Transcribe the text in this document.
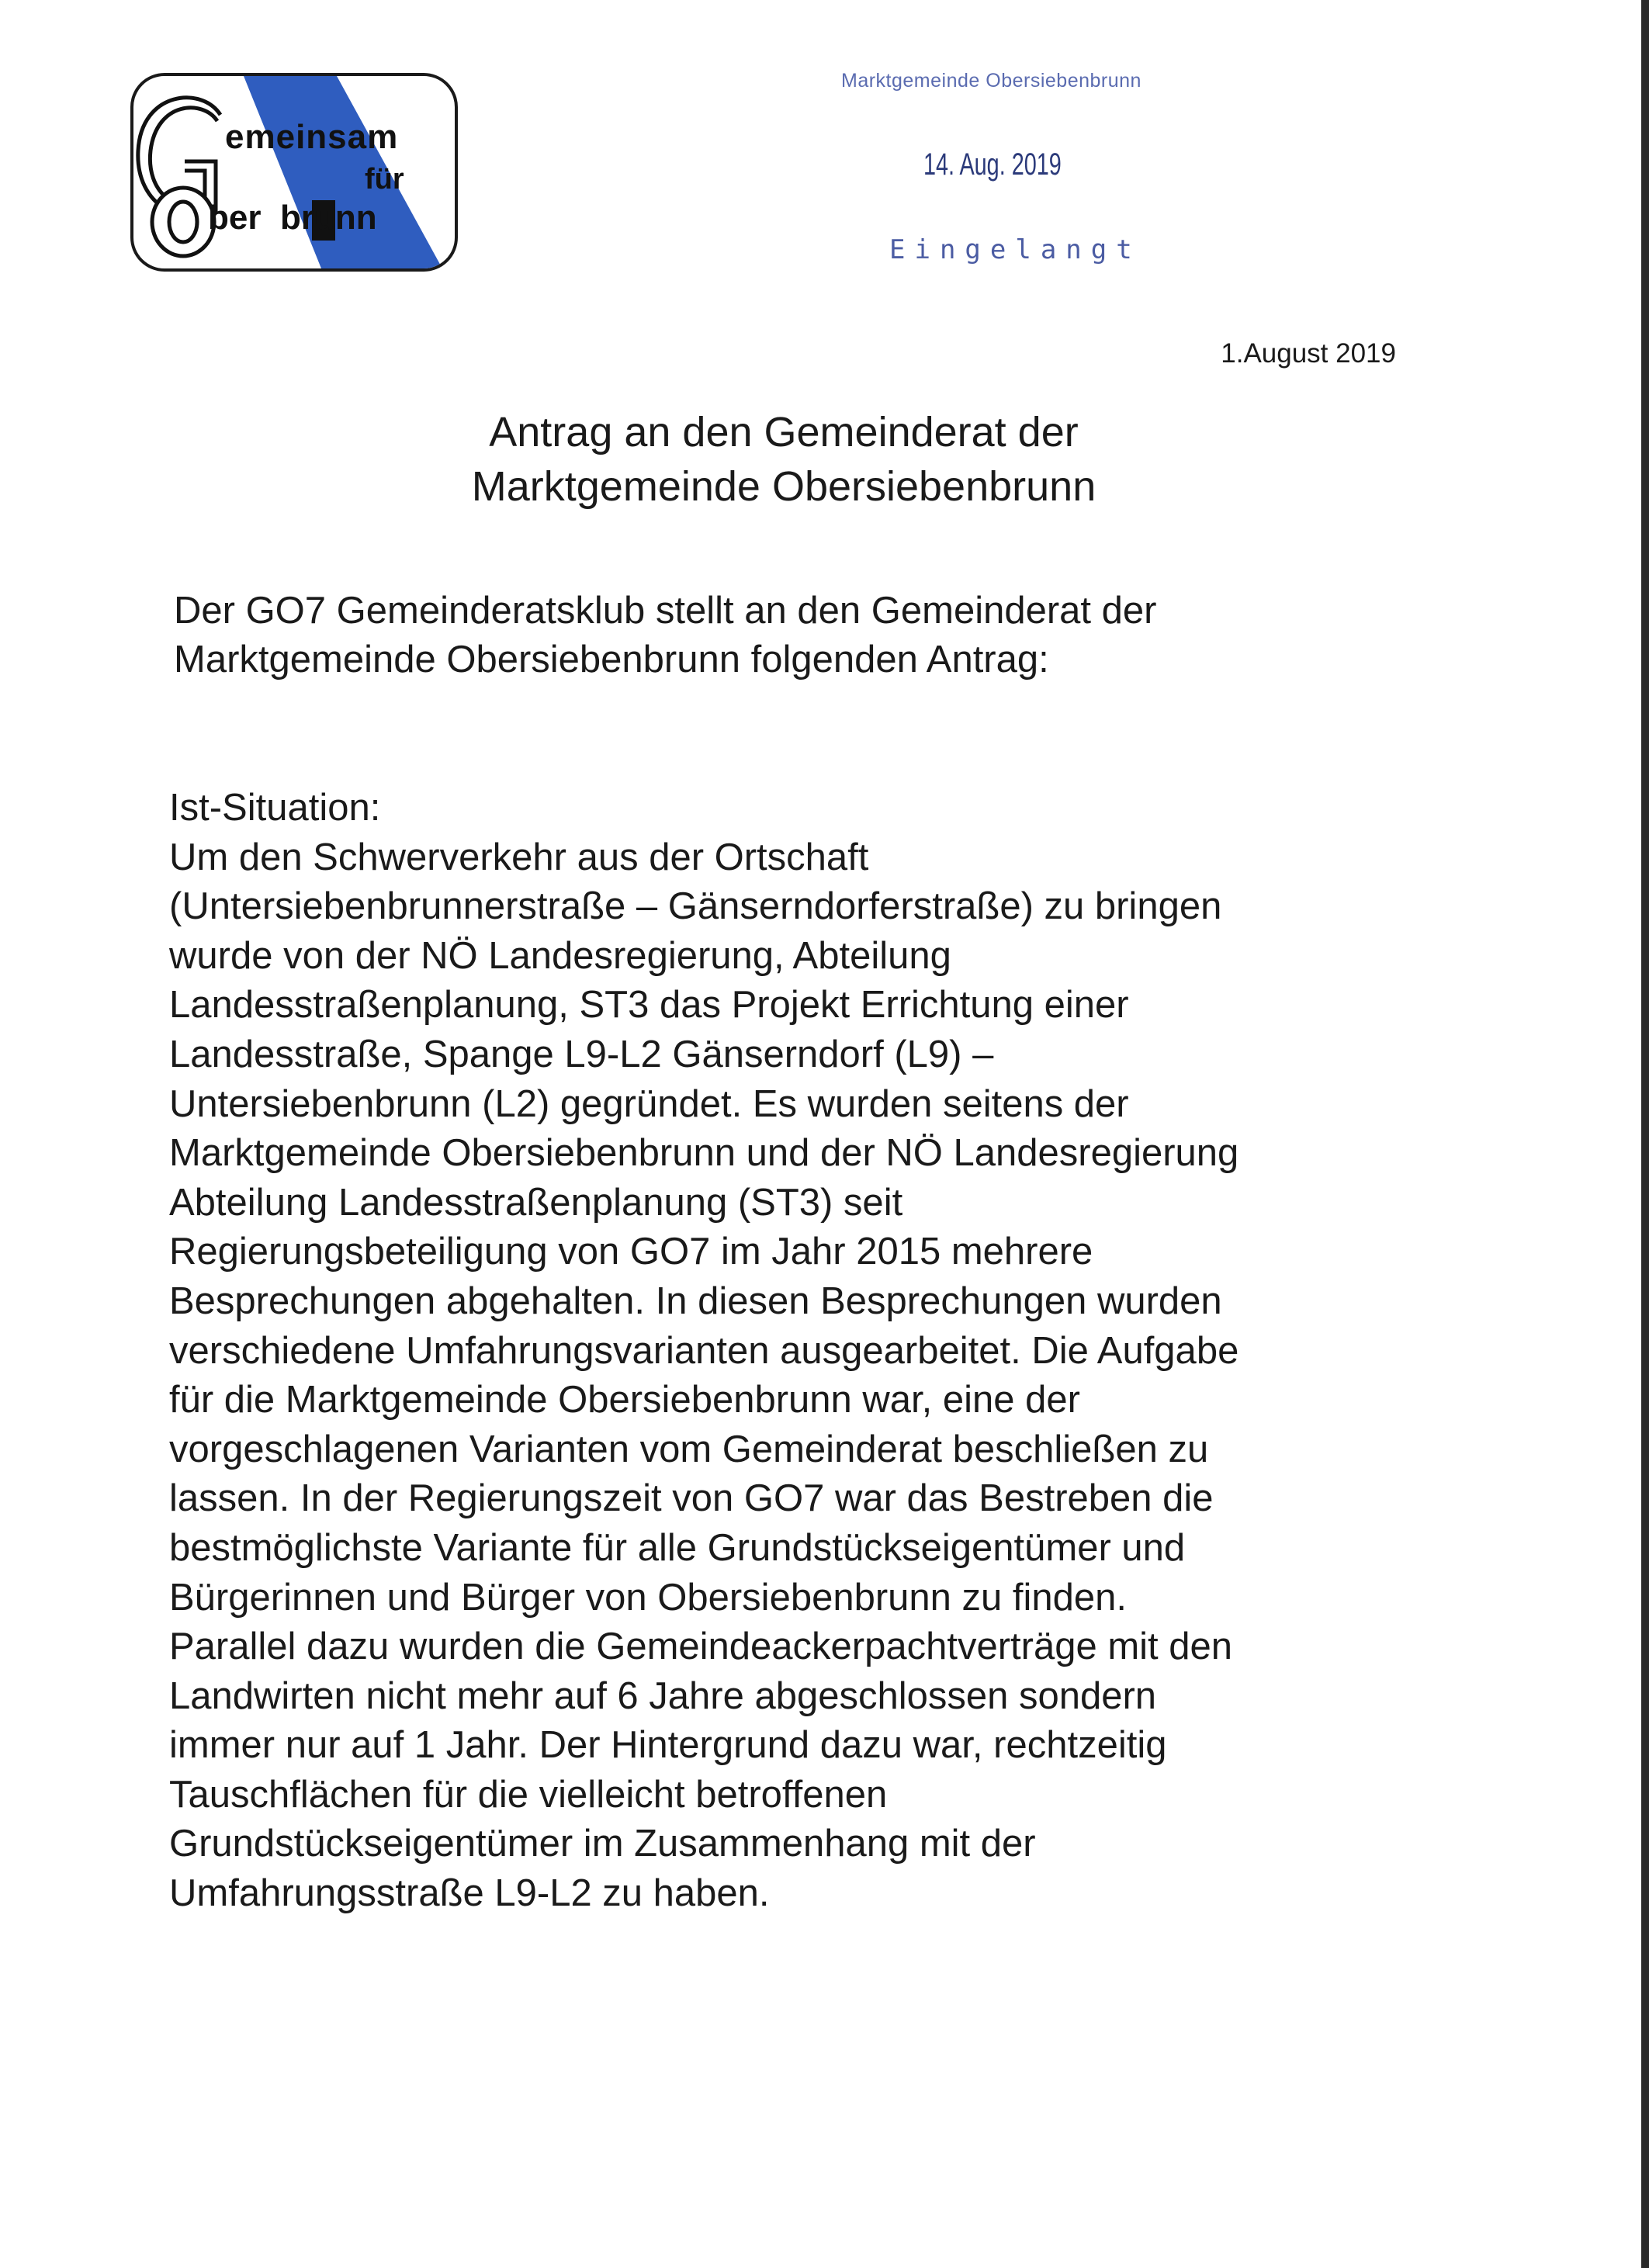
emeinsam
für
ber7brunn
Marktgemeinde Obersiebenbrunn
14. Aug. 2019
Eingelangt
1.August 2019
Antrag an den Gemeinderat der
Marktgemeinde Obersiebenbrunn
Der GO7 Gemeinderatsklub stellt an den Gemeinderat der
Marktgemeinde Obersiebenbrunn folgenden Antrag:
Ist-Situation:
Um den Schwerverkehr aus der Ortschaft
(Untersiebenbrunnerstraße – Gänserndorferstraße) zu bringen
wurde von der NÖ Landesregierung, Abteilung
Landesstraßenplanung, ST3 das Projekt Errichtung einer
Landesstraße, Spange L9-L2 Gänserndorf (L9) –
Untersiebenbrunn (L2) gegründet. Es wurden seitens der
Marktgemeinde Obersiebenbrunn und der NÖ Landesregierung
Abteilung Landesstraßenplanung (ST3) seit
Regierungsbeteiligung von GO7 im Jahr 2015 mehrere
Besprechungen abgehalten. In diesen Besprechungen wurden
verschiedene Umfahrungsvarianten ausgearbeitet. Die Aufgabe
für die Marktgemeinde Obersiebenbrunn war, eine der
vorgeschlagenen Varianten vom Gemeinderat beschließen zu
lassen. In der Regierungszeit von GO7 war das Bestreben die
bestmöglichste Variante für alle Grundstückseigentümer und
Bürgerinnen und Bürger von Obersiebenbrunn zu finden.
Parallel dazu wurden die Gemeindeackerpachtverträge mit den
Landwirten nicht mehr auf 6 Jahre abgeschlossen sondern
immer nur auf 1 Jahr. Der Hintergrund dazu war, rechtzeitig
Tauschflächen für die vielleicht betroffenen
Grundstückseigentümer im Zusammenhang mit der
Umfahrungsstraße L9-L2 zu haben.
